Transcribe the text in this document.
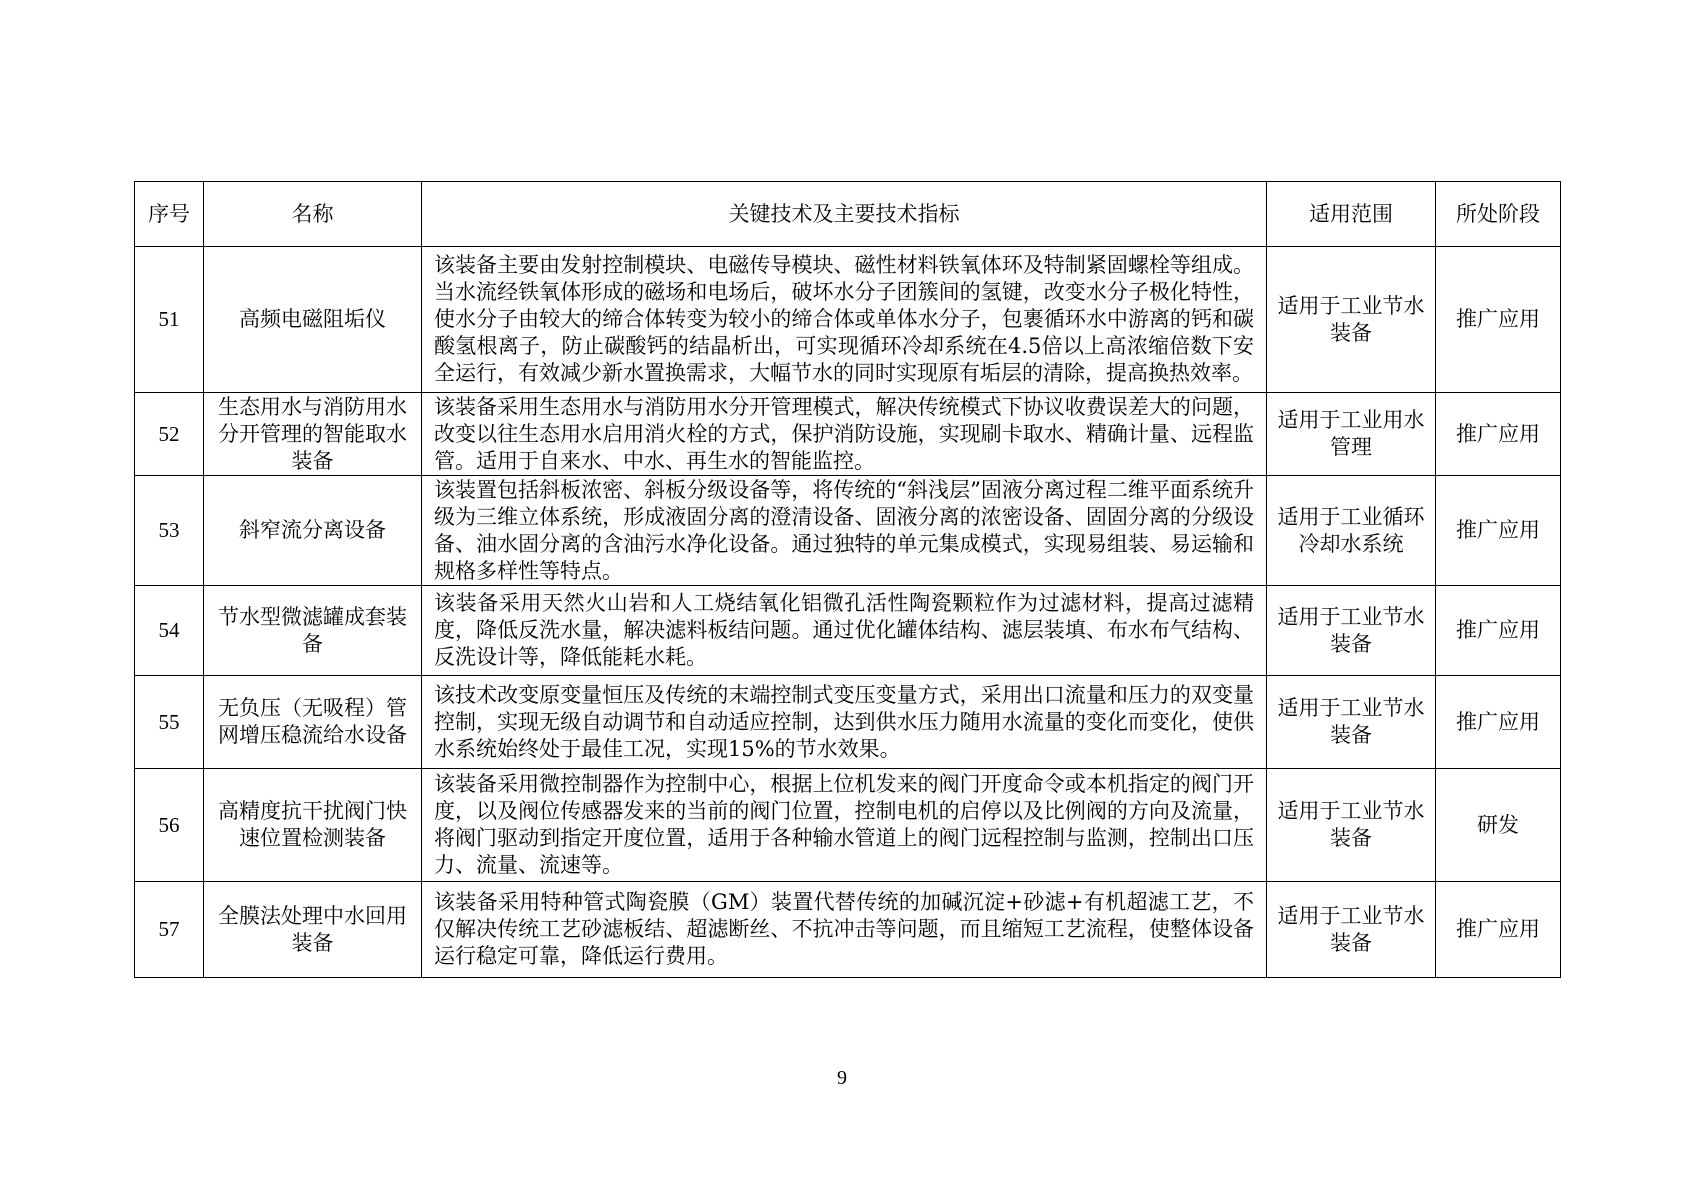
序号	名称	关键技术及主要技术指标	适用范围	所处阶段
51	高频电磁阻垢仪	该装备主要由发射控制模块、电磁传导模块、磁性材料铁氧体环及特制紧固螺栓等组成。当水流经铁氧体形成的磁场和电场后，破坏水分子团簇间的氢键，改变水分子极化特性，使水分子由较大的缔合体转变为较小的缔合体或单体水分子，包裹循环水中游离的钙和碳酸氢根离子，防止碳酸钙的结晶析出，可实现循环冷却系统在4.5倍以上高浓缩倍数下安全运行，有效减少新水置换需求，大幅节水的同时实现原有垢层的清除，提高换热效率。	适用于工业节水装备	推广应用
52	生态用水与消防用水分开管理的智能取水装备	该装备采用生态用水与消防用水分开管理模式，解决传统模式下协议收费误差大的问题，改变以往生态用水启用消火栓的方式，保护消防设施，实现刷卡取水、精确计量、远程监管。适用于自来水、中水、再生水的智能监控。	适用于工业用水管理	推广应用
53	斜窄流分离设备	该装置包括斜板浓密、斜板分级设备等，将传统的“斜浅层”固液分离过程二维平面系统升级为三维立体系统，形成液固分离的澄清设备、固液分离的浓密设备、固固分离的分级设备、油水固分离的含油污水净化设备。通过独特的单元集成模式，实现易组装、易运输和规格多样性等特点。	适用于工业循环冷却水系统	推广应用
54	节水型微滤罐成套装备	该装备采用天然火山岩和人工烧结氧化铝微孔活性陶瓷颗粒作为过滤材料，提高过滤精度，降低反洗水量，解决滤料板结问题。通过优化罐体结构、滤层装填、布水布气结构、反洗设计等，降低能耗水耗。	适用于工业节水装备	推广应用
55	无负压（无吸程）管网增压稳流给水设备	该技术改变原变量恒压及传统的末端控制式变压变量方式，采用出口流量和压力的双变量控制，实现无级自动调节和自动适应控制，达到供水压力随用水流量的变化而变化，使供水系统始终处于最佳工况，实现15%的节水效果。	适用于工业节水装备	推广应用
56	高精度抗干扰阀门快速位置检测装备	该装备采用微控制器作为控制中心，根据上位机发来的阀门开度命令或本机指定的阀门开度，以及阀位传感器发来的当前的阀门位置，控制电机的启停以及比例阀的方向及流量，将阀门驱动到指定开度位置，适用于各种输水管道上的阀门远程控制与监测，控制出口压力、流量、流速等。	适用于工业节水装备	研发
57	全膜法处理中水回用装备	该装备采用特种管式陶瓷膜（GM）装置代替传统的加碱沉淀+砂滤+有机超滤工艺，不仅解决传统工艺砂滤板结、超滤断丝、不抗冲击等问题，而且缩短工艺流程，使整体设备运行稳定可靠，降低运行费用。	适用于工业节水装备	推广应用
9
